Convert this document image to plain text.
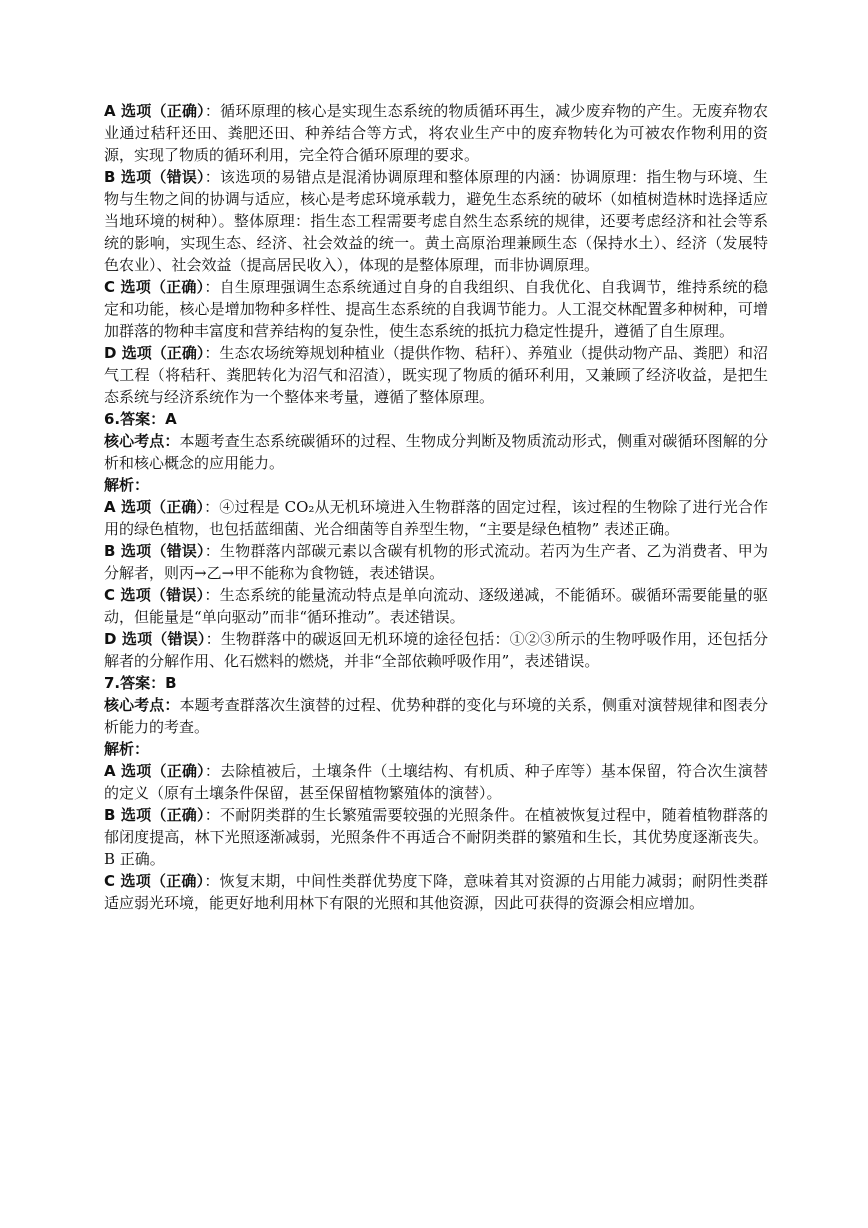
A 选项（正确）：循环原理的核心是实现生态系统的物质循环再生，减少废弃物的产生。无废弃物农业通过秸秆还田、粪肥还田、种养结合等方式，将农业生产中的废弃物转化为可被农作物利用的资源，实现了物质的循环利用，完全符合循环原理的要求。

B 选项（错误）：该选项的易错点是混淆协调原理和整体原理的内涵：协调原理：指生物与环境、生物与生物之间的协调与适应，核心是考虑环境承载力，避免生态系统的破坏（如植树造林时选择适应当地环境的树种）。整体原理：指生态工程需要考虑自然生态系统的规律，还要考虑经济和社会等系统的影响，实现生态、经济、社会效益的统一。黄土高原治理兼顾生态（保持水土）、经济（发展特色农业）、社会效益（提高居民收入），体现的是整体原理，而非协调原理。

C 选项（正确）：自生原理强调生态系统通过自身的自我组织、自我优化、自我调节，维持系统的稳定和功能，核心是增加物种多样性、提高生态系统的自我调节能力。人工混交林配置多种树种，可增加群落的物种丰富度和营养结构的复杂性，使生态系统的抵抗力稳定性提升，遵循了自生原理。

D 选项（正确）：生态农场统筹规划种植业（提供作物、秸秆）、养殖业（提供动物产品、粪肥）和沼气工程（将秸秆、粪肥转化为沼气和沼渣），既实现了物质的循环利用，又兼顾了经济收益，是把生态系统与经济系统作为一个整体来考量，遵循了整体原理。

6.答案：A

核心考点：本题考查生态系统碳循环的过程、生物成分判断及物质流动形式，侧重对碳循环图解的分析和核心概念的应用能力。

解析：

A 选项（正确）：④过程是 CO₂从无机环境进入生物群落的固定过程，该过程的生物除了进行光合作用的绿色植物，也包括蓝细菌、光合细菌等自养型生物，“主要是绿色植物” 表述正确。

B 选项（错误）：生物群落内部碳元素以含碳有机物的形式流动。若丙为生产者、乙为消费者、甲为分解者，则丙→乙→甲不能称为食物链，表述错误。

C 选项（错误）：生态系统的能量流动特点是单向流动、逐级递减，不能循环。碳循环需要能量的驱动，但能量是“单向驱动”而非“循环推动”。表述错误。

D 选项（错误）：生物群落中的碳返回无机环境的途径包括：①②③所示的生物呼吸作用，还包括分解者的分解作用、化石燃料的燃烧，并非“全部依赖呼吸作用”，表述错误。

7.答案：B

核心考点：本题考查群落次生演替的过程、优势种群的变化与环境的关系，侧重对演替规律和图表分析能力的考查。

解析：

A 选项（正确）：去除植被后，土壤条件（土壤结构、有机质、种子库等）基本保留，符合次生演替的定义（原有土壤条件保留，甚至保留植物繁殖体的演替）。

B 选项（正确）：不耐阴类群的生长繁殖需要较强的光照条件。在植被恢复过程中，随着植物群落的郁闭度提高，林下光照逐渐减弱，光照条件不再适合不耐阴类群的繁殖和生长，其优势度逐渐丧失。B 正确。

C 选项（正确）：恢复末期，中间性类群优势度下降，意味着其对资源的占用能力减弱；耐阴性类群适应弱光环境，能更好地利用林下有限的光照和其他资源，因此可获得的资源会相应增加。
